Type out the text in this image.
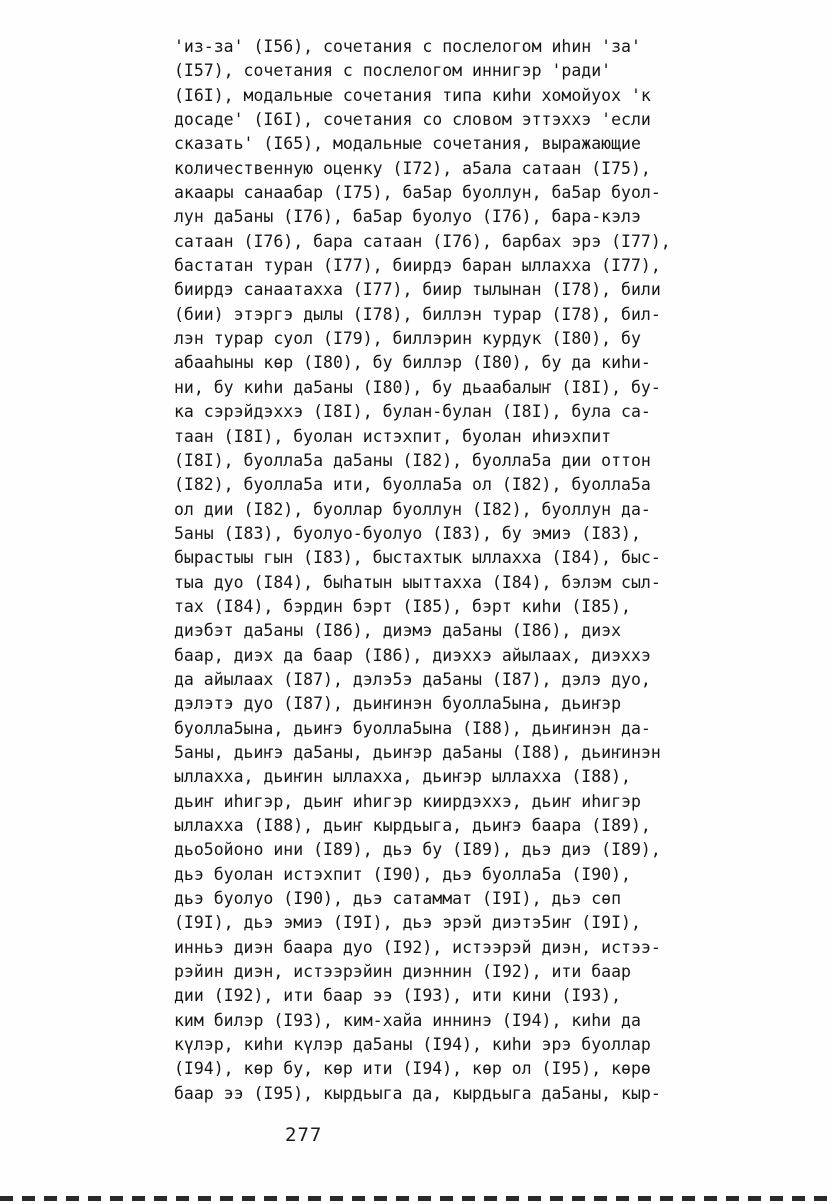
'из-за' (I56), сочетания с послелогом иһин 'за'
(I57), сочетания с послелогом иннигэр 'ради'
(I6I), модальные сочетания типа киһи хомойуох 'к
досаде' (I6I), сочетания со словом эттэххэ 'если
сказать' (I65), модальные сочетания, выражающие
количественную оценку (I72), а5ала сатаан (I75),
акаары санаабар (I75), ба5ар буоллун, ба5ар буол-
лун да5аны (I76), ба5ар буолуо (I76), бара-кэлэ
сатаан (I76), бара сатаан (I76), барбах эрэ (I77),
бастатан туран (I77), биирдэ баран ыллахха (I77),
биирдэ санаатахха (I77), биир тылынан (I78), били
(бии) этэргэ дылы (I78), биллэн турар (I78), бил-
лэн турар суол (I79), биллэрин курдук (I80), бу
абааһыны көр (I80), бу биллэр (I80), бу да киһи-
ни, бу киһи да5аны (I80), бу дьаабалыҥ (I8I), бу-
ка сэрэйдэххэ (I8I), булан-булан (I8I), була са-
таан (I8I), буолан истэхпит, буолан иһиэхпит
(I8I), буолла5а да5аны (I82), буолла5а дии оттон
(I82), буолла5а ити, буолла5а ол (I82), буолла5а
ол дии (I82), буоллар буоллун (I82), буоллун да-
5аны (I83), буолуо-буолуо (I83), бу эмиэ (I83),
бырастыы гын (I83), быстахтык ыллахха (I84), быс-
тыа дуо (I84), быһатын ыыттахха (I84), бэлэм сыл-
тах (I84), бэрдин бэрт (I85), бэрт киһи (I85),
диэбэт да5аны (I86), диэмэ да5аны (I86), диэх
баар, диэх да баар (I86), диэххэ айылаах, диэххэ
да айылаах (I87), дэлэ5э да5аны (I87), дэлэ дуо,
дэлэтэ дуо (I87), дьиҥинэн буолла5ына, дьиҥэр
буолла5ына, дьиҥэ буолла5ына (I88), дьиҥинэн да-
5аны, дьиҥэ да5аны, дьиҥэр да5аны (I88), дьиҥинэн
ыллахха, дьиҥин ыллахха, дьиҥэр ыллахха (I88),
дьиҥ иһигэр, дьиҥ иһигэр киирдэххэ, дьиҥ иһигэр
ыллахха (I88), дьиҥ кырдьыга, дьиҥэ баара (I89),
дьо5ойоно ини (I89), дьэ бу (I89), дьэ диэ (I89),
дьэ буолан истэхпит (I90), дьэ буолла5а (I90),
дьэ буолуо (I90), дьэ сатаммат (I9I), дьэ сөп
(I9I), дьэ эмиэ (I9I), дьэ эрэй диэтэ5иҥ (I9I),
инньэ диэн баара дуо (I92), истээрэй диэн, истээ-
рэйин диэн, истээрэйин диэннин (I92), ити баар
дии (I92), ити баар ээ (I93), ити кини (I93),
ким билэр (I93), ким-хайа иннинэ (I94), киһи да
күлэр, киһи күлэр да5аны (I94), киһи эрэ буоллар
(I94), көр бу, көр ити (I94), көр ол (I95), көрө
баар ээ (I95), кырдьыга да, кырдьыга да5аны, кыр-
277
